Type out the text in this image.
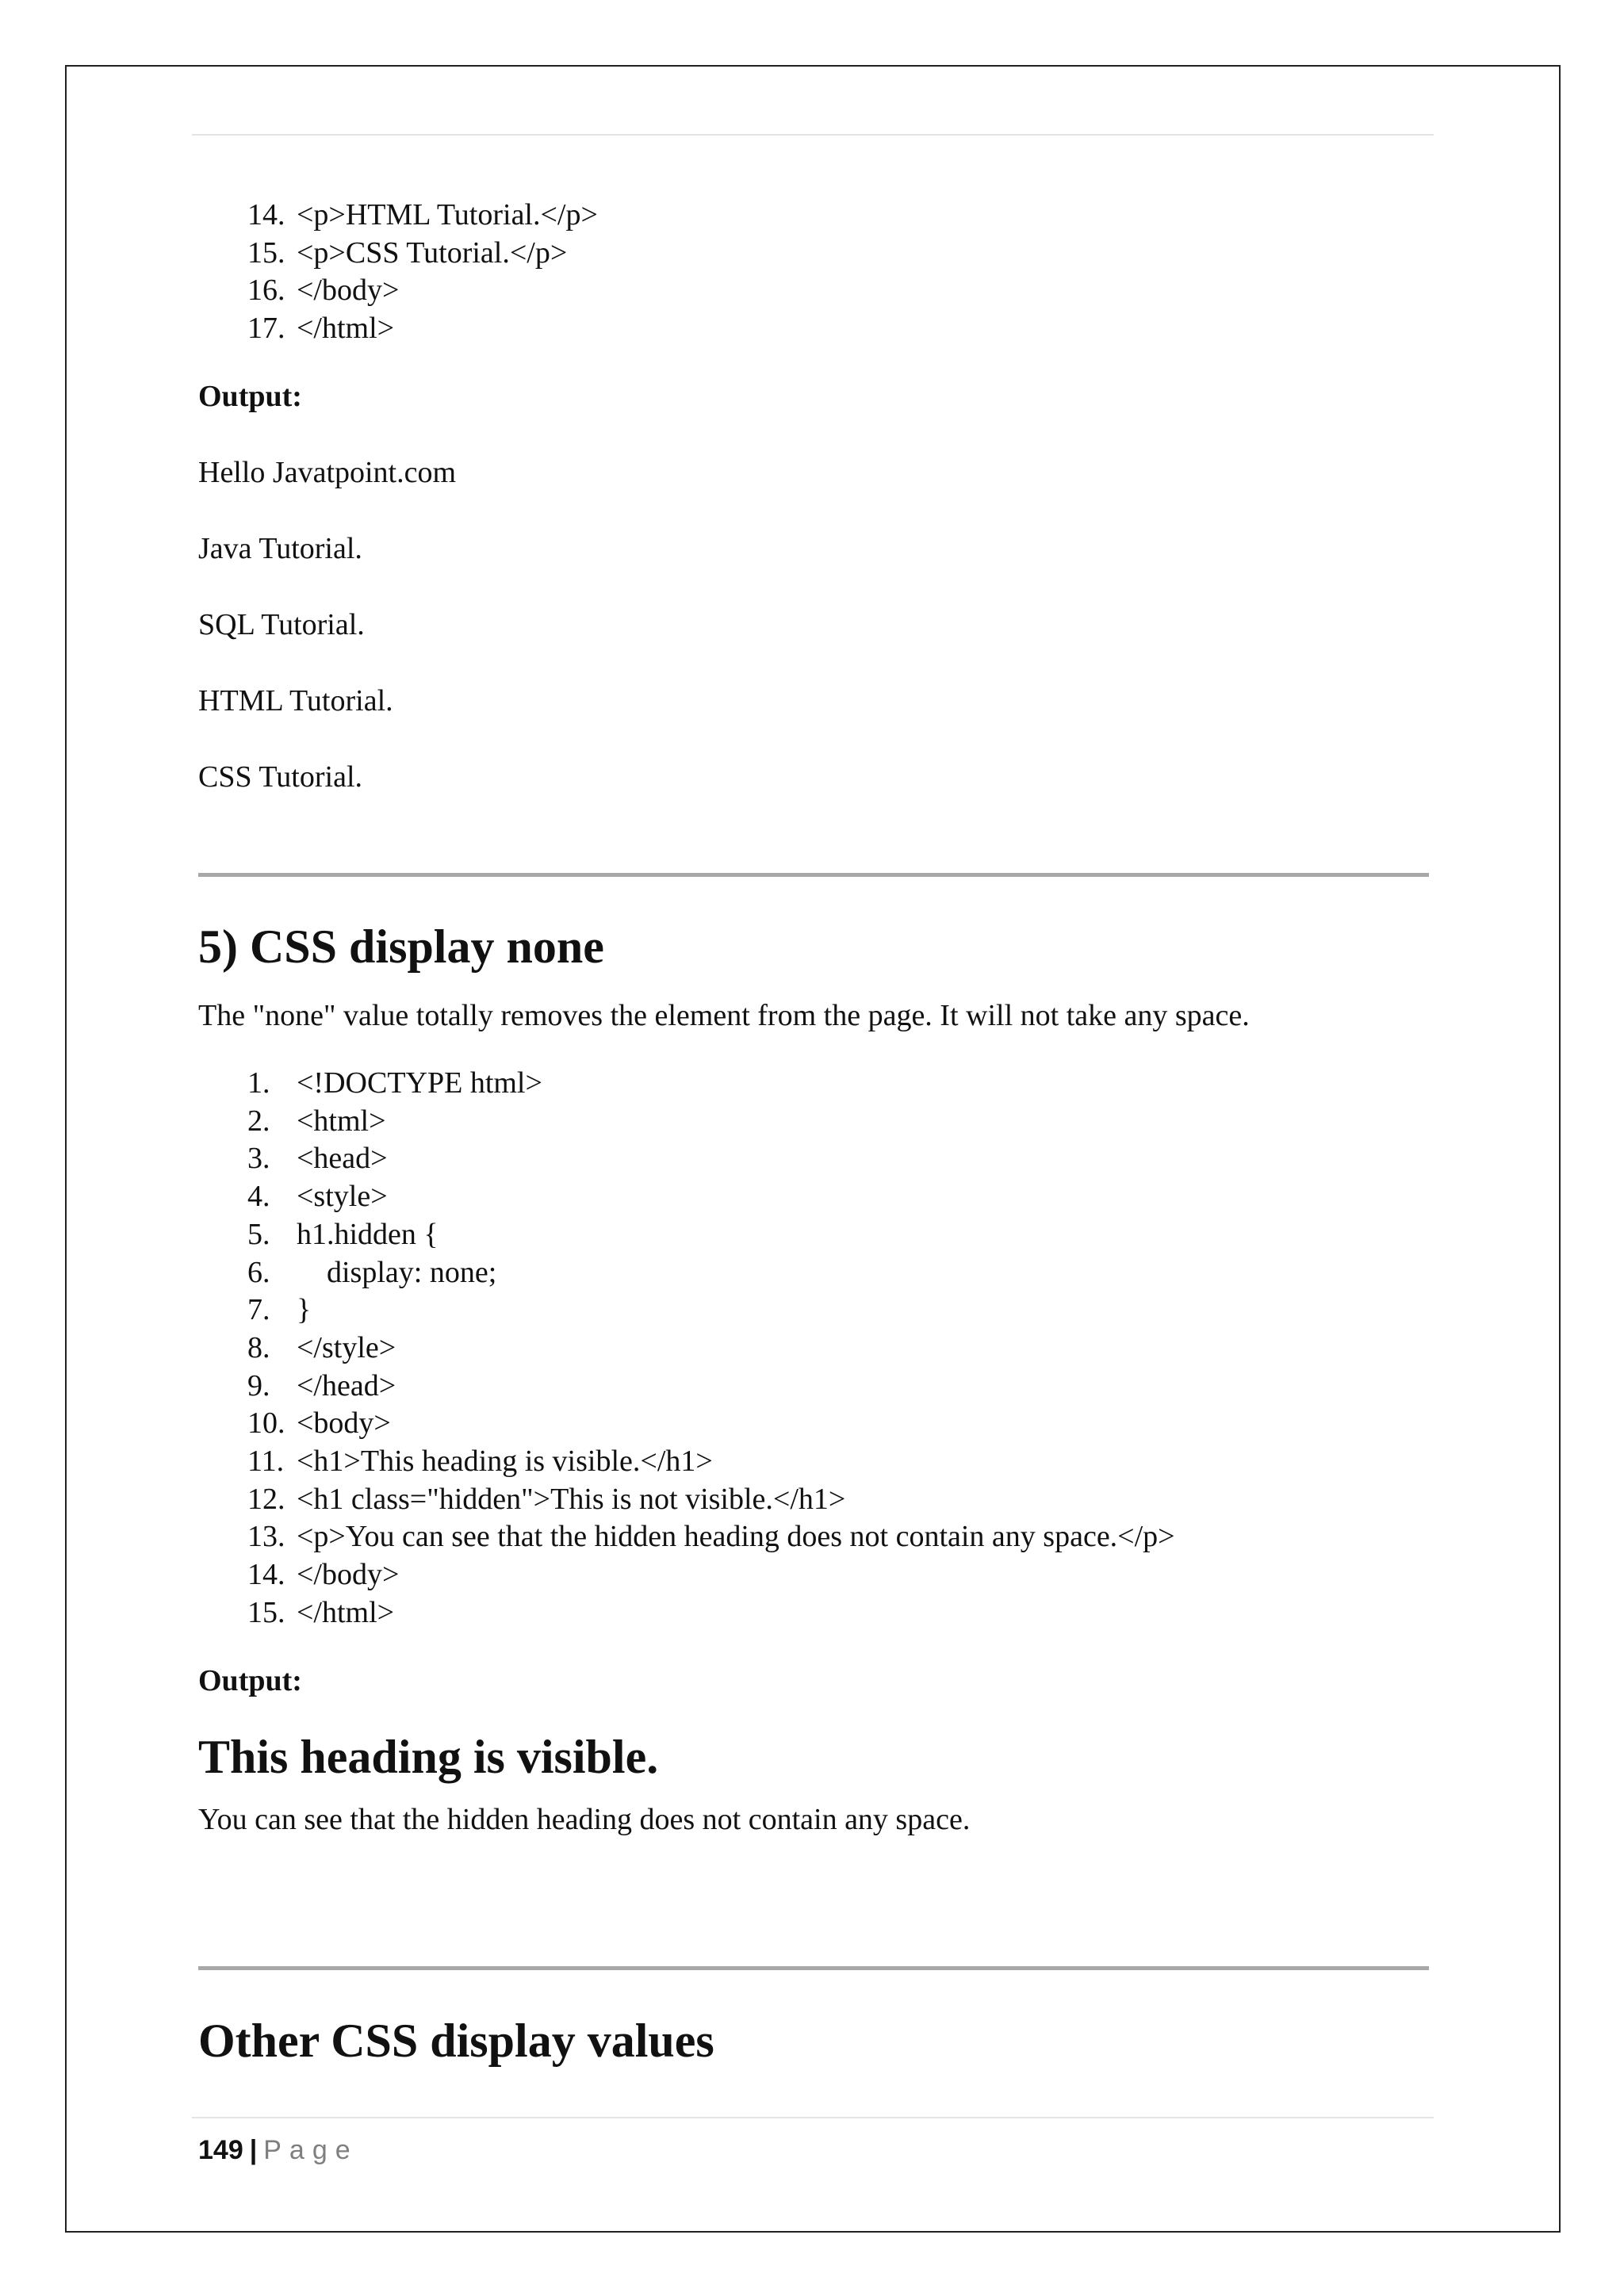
14. <p>HTML Tutorial.</p>
15. <p>CSS Tutorial.</p>
16. </body>
17. </html>

Output:

Hello Javatpoint.com

Java Tutorial.

SQL Tutorial.

HTML Tutorial.

CSS Tutorial.

5) CSS display none

The "none" value totally removes the element from the page. It will not take any space.

1. <!DOCTYPE html>
2. <html>
3. <head>
4. <style>
5. h1.hidden {
6.    display: none;
7. }
8. </style>
9. </head>
10. <body>
11. <h1>This heading is visible.</h1>
12. <h1 class="hidden">This is not visible.</h1>
13. <p>You can see that the hidden heading does not contain any space.</p>
14. </body>
15. </html>

Output:

This heading is visible.

You can see that the hidden heading does not contain any space.

Other CSS display values
149 | Page
